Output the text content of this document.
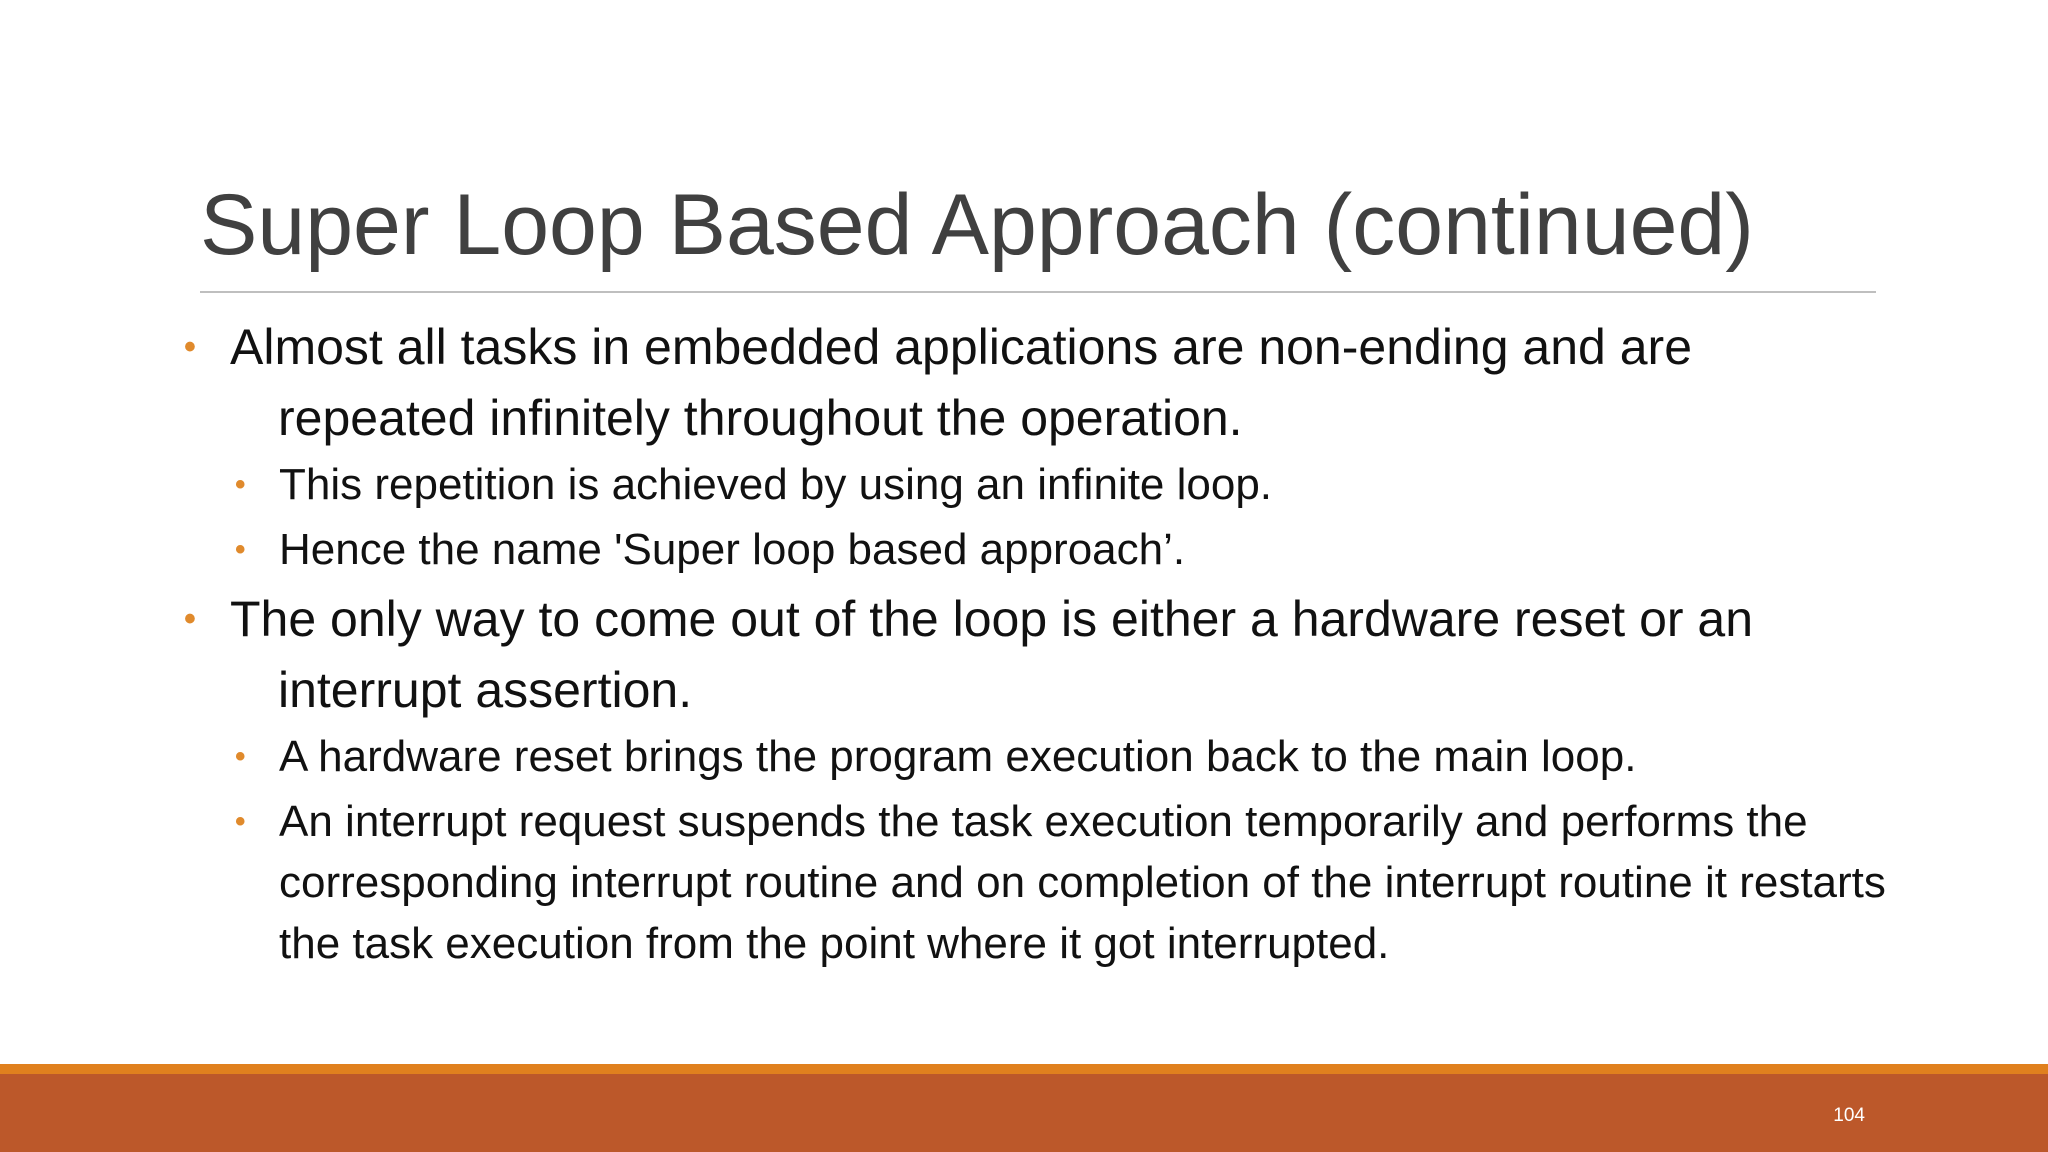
Super Loop Based Approach (continued)

• Almost all tasks in embedded applications are non-ending and are repeated infinitely throughout the operation.

• This repetition is achieved by using an infinite loop.

• Hence the name 'Super loop based approach’.

• The only way to come out of the loop is either a hardware reset or an interrupt assertion.

• A hardware reset brings the program execution back to the main loop.

• An interrupt request suspends the task execution temporarily and performs the corresponding interrupt routine and on completion of the interrupt routine it restarts the task execution from the point where it got interrupted.

104
